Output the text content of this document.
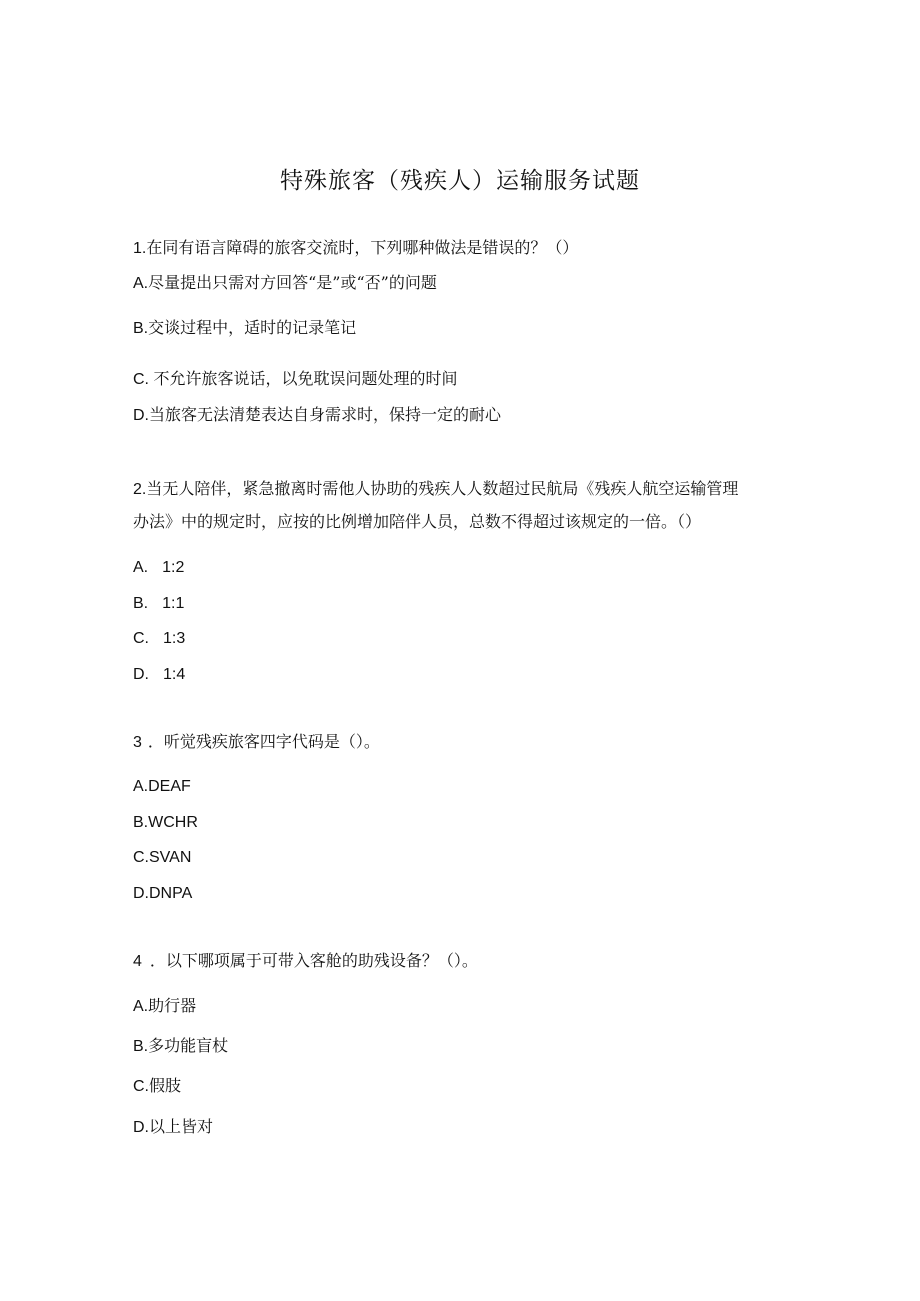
特殊旅客（残疾人）运输服务试题
1.在同有语言障碍的旅客交流时，下列哪种做法是错误的？（）
A.尽量提出只需对方回答“是”或“否”的问题
B.交谈过程中，适时的记录笔记
C. 不允许旅客说话，以免耽误问题处理的时间
D.当旅客无法清楚表达自身需求时，保持一定的耐心
2.当无人陪伴，紧急撤离时需他人协助的残疾人人数超过民航局《残疾人航空运输管理
办法》中的规定时，应按的比例增加陪伴人员，总数不得超过该规定的一倍。（）
A. 1:2
B. 1:1
C. 1:3
D. 1:4
3 ．听觉残疾旅客四字代码是（）。
A.DEAF
B.WCHR
C.SVAN
D.DNPA
4 ．以下哪项属于可带入客舱的助残设备？（）。
A.助行器
B.多功能盲杖
C.假肢
D.以上皆对
